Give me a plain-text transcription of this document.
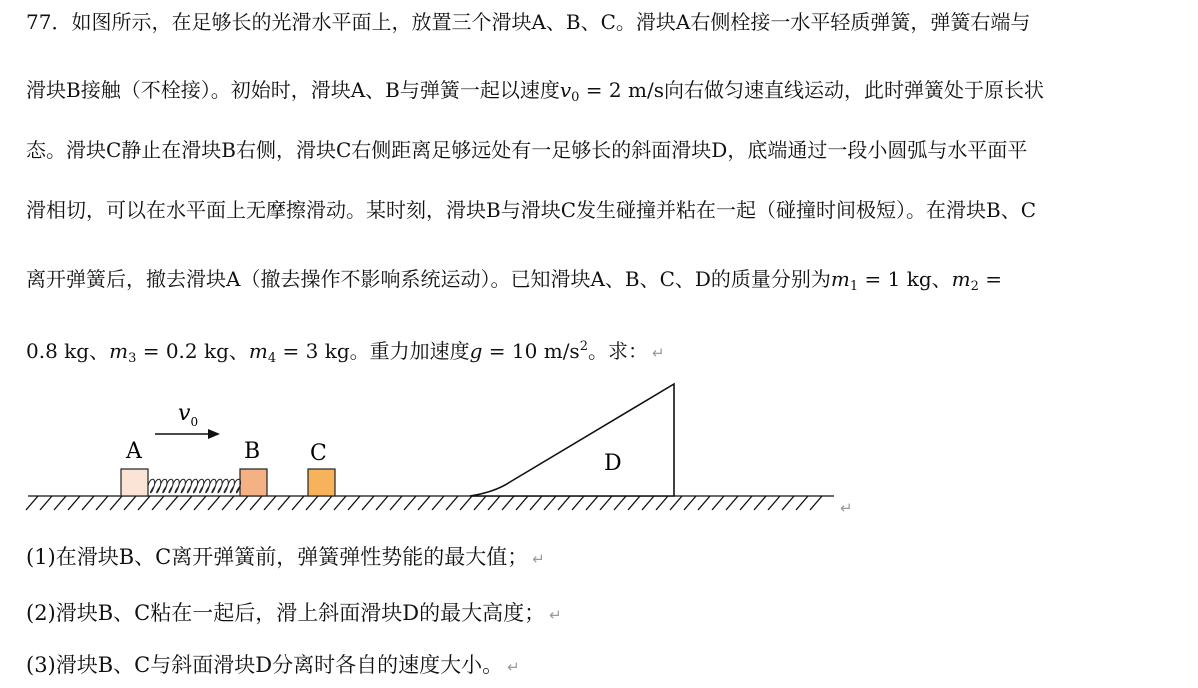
77．如图所示，在足够长的光滑水平面上，放置三个滑块A、B、C。滑块A右侧栓接一水平轻质弹簧，弹簧右端与
滑块B接触（不栓接）。初始时，滑块A、B与弹簧一起以速度$v_0 = 2$ m/s向右做匀速直线运动，此时弹簧处于原长状
态。滑块C静止在滑块B右侧，滑块C右侧距离足够远处有一足够长的斜面滑块D，底端通过一段小圆弧与水平面平
滑相切，可以在水平面上无摩擦滑动。某时刻，滑块B与滑块C发生碰撞并粘在一起（碰撞时间极短）。在滑块B、C
离开弹簧后，撤去滑块A（撤去操作不影响系统运动）。已知滑块A、B、C、D的质量分别为$m_1 = 1$ kg、$m_2$ =
0.8 kg、$m_3 = 0.2$ kg、$m_4 = 3$ kg。重力加速度g = 10 $m/s^2$。求： ↵
A	B C
$v_0$
D
↵
(1)在滑块B、C离开弹簧前，弹簧弹性势能的最大值； ↵
(2)滑块B、C粘在一起后，滑上斜面滑块D的最大高度； ↵
(3)滑块B、C与斜面滑块D分离时各自的速度大小。 ↵
